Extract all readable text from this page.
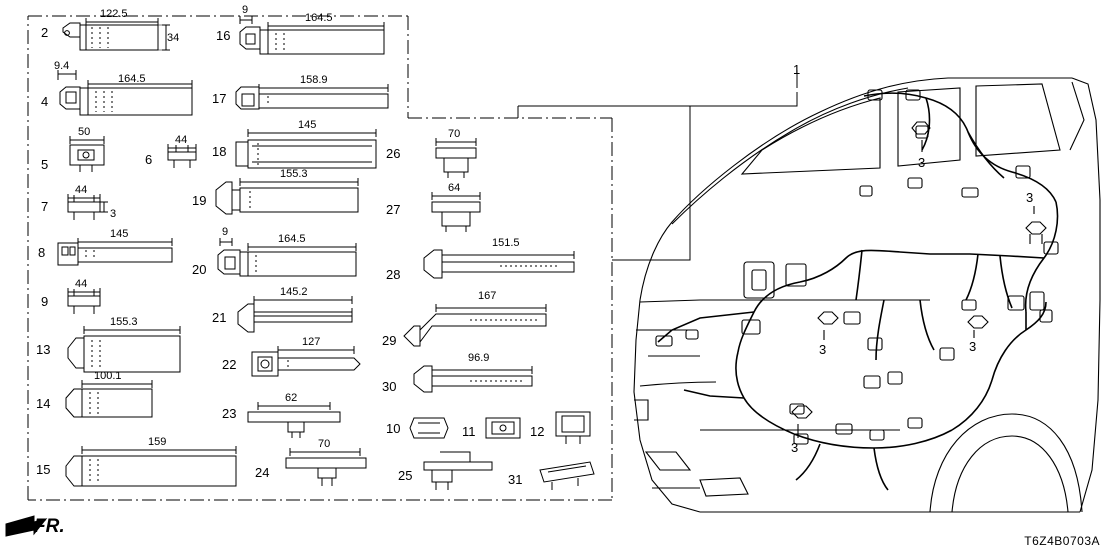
1
2
4
5	6
7
8
9
13
14
15
16
17
18
19
20
21
22
23
24	25
26
27
28
29
30
10	11	12
31
122.5
34
164.5
9.4
50
44
44
3
145
44
155.3
100.1
159
164.5
9
158.9
145
155.3
164.5
9
145.2
127
62
70
70
64
151.5
167
96.9
3
3
3	3
3
FR.
T6Z4B0703A
